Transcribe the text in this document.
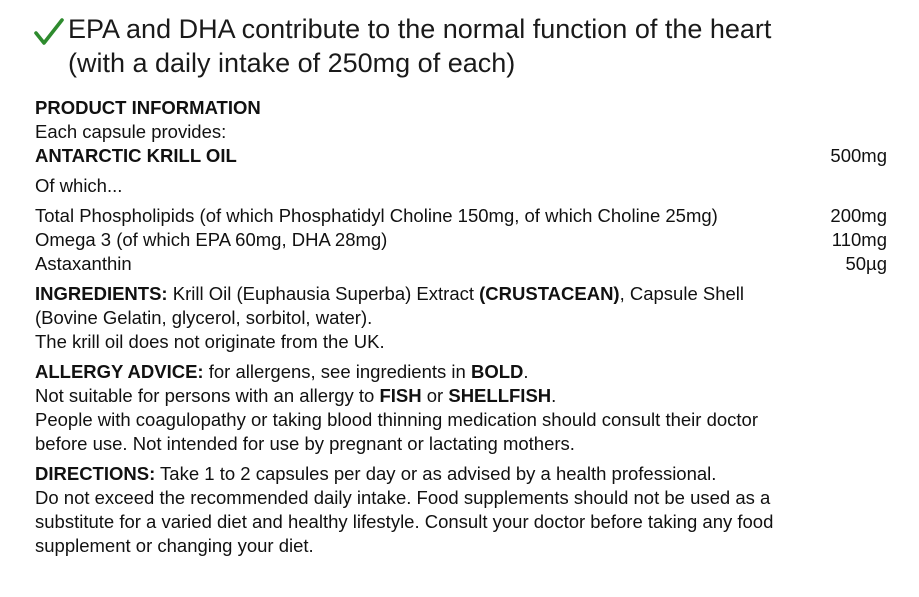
EPA and DHA contribute to the normal function of the heart
(with a daily intake of 250mg of each)
PRODUCT INFORMATION
Each capsule provides:
ANTARCTIC KRILL OIL	500mg
Of which...
Total Phospholipids (of which Phosphatidyl Choline 150mg, of which Choline 25mg)	200mg
Omega 3 (of which EPA 60mg, DHA 28mg)	110mg
Astaxanthin	50µg
INGREDIENTS: Krill Oil (Euphausia Superba) Extract (CRUSTACEAN), Capsule Shell
(Bovine Gelatin, glycerol, sorbitol, water).
The krill oil does not originate from the UK.
ALLERGY ADVICE: for allergens, see ingredients in BOLD.
Not suitable for persons with an allergy to FISH or SHELLFISH.
People with coagulopathy or taking blood thinning medication should consult their doctor
before use. Not intended for use by pregnant or lactating mothers.
DIRECTIONS: Take 1 to 2 capsules per day or as advised by a health professional.
Do not exceed the recommended daily intake. Food supplements should not be used as a
substitute for a varied diet and healthy lifestyle. Consult your doctor before taking any food
supplement or changing your diet.
